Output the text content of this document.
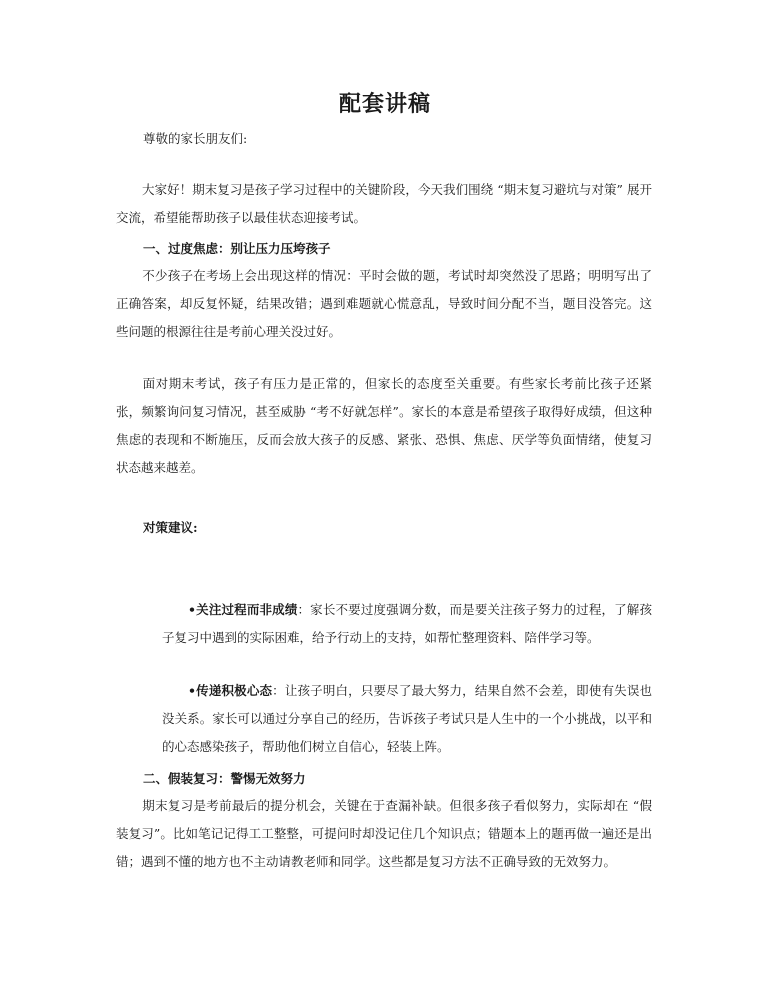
配套讲稿
尊敬的家长朋友们:
大家好！期末复习是孩子学习过程中的关键阶段，今天我们围绕 “期末复习避坑与对策” 展开交流，希望能帮助孩子以最佳状态迎接考试。
一、过度焦虑：别让压力压垮孩子
不少孩子在考场上会出现这样的情况：平时会做的题，考试时却突然没了思路；明明写出了正确答案，却反复怀疑，结果改错；遇到难题就心慌意乱，导致时间分配不当，题目没答完。这些问题的根源往往是考前心理关没过好。
面对期末考试，孩子有压力是正常的，但家长的态度至关重要。有些家长考前比孩子还紧张，频繁询问复习情况，甚至威胁 “考不好就怎样”。家长的本意是希望孩子取得好成绩，但这种焦虑的表现和不断施压，反而会放大孩子的反感、紧张、恐惧、焦虑、厌学等负面情绪，使复习状态越来越差。
对策建议:
•关注过程而非成绩：家长不要过度强调分数，而是要关注孩子努力的过程，了解孩子复习中遇到的实际困难，给予行动上的支持，如帮忙整理资料、陪伴学习等。
•传递积极心态：让孩子明白，只要尽了最大努力，结果自然不会差，即使有失误也没关系。家长可以通过分享自己的经历，告诉孩子考试只是人生中的一个小挑战，以平和的心态感染孩子，帮助他们树立自信心，轻装上阵。
二、假装复习：警惕无效努力
期末复习是考前最后的提分机会，关键在于查漏补缺。但很多孩子看似努力，实际却在 “假装复习”。比如笔记记得工工整整，可提问时却没记住几个知识点；错题本上的题再做一遍还是出错；遇到不懂的地方也不主动请教老师和同学。这些都是复习方法不正确导致的无效努力。
